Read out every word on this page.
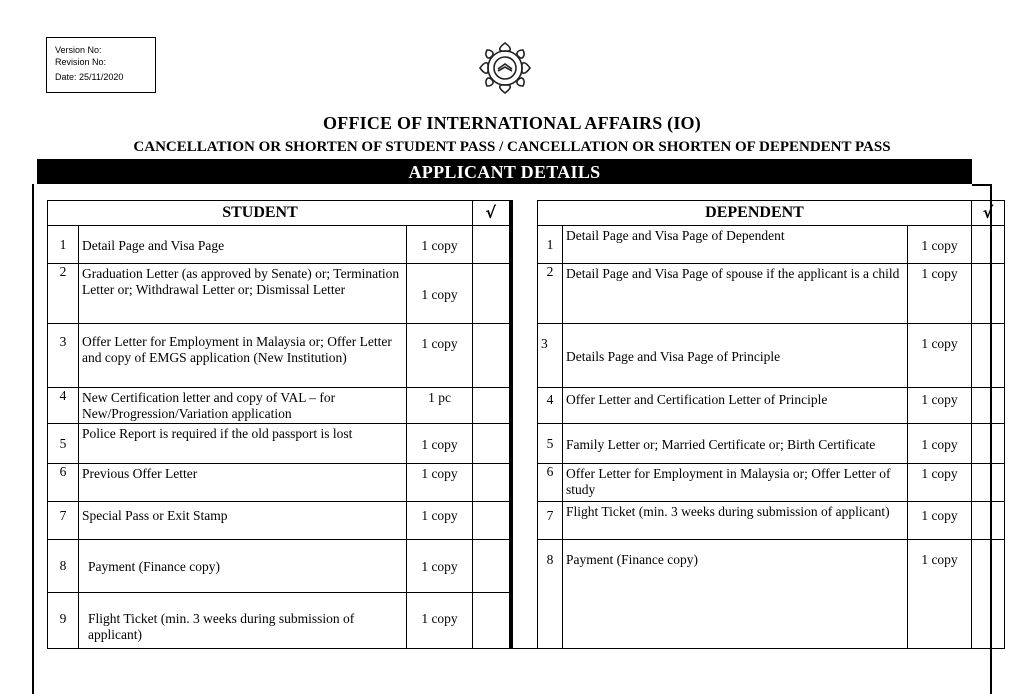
Version No:
Revision No:
Date: 25/11/2020
OFFICE OF INTERNATIONAL AFFAIRS (IO)
CANCELLATION OR SHORTEN OF STUDENT PASS / CANCELLATION OR SHORTEN OF DEPENDENT PASS
APPLICANT DETAILS
STUDENT			√		DEPENDENT			√
1	Detail Page and Visa Page	1 copy			1	Detail Page and Visa Page of Dependent	1 copy	
2	Graduation Letter (as approved by Senate) or; Termination Letter or; Withdrawal Letter or; Dismissal Letter	1 copy			2	Detail Page and Visa Page of spouse if the applicant is a child	1 copy	
3	Offer Letter for Employment in Malaysia or; Offer Letter and copy of EMGS application (New Institution)	1 copy			3	Details Page and Visa Page of Principle	1 copy	
4	New Certification letter and copy of VAL – for New/Progression/Variation application	1 pc			4	Offer Letter and Certification Letter of Principle	1 copy	
5	Police Report is required if the old passport is lost	1 copy			5	Family Letter or; Married Certificate or; Birth Certificate	1 copy	
6	Previous Offer Letter	1 copy			6	Offer Letter for Employment in Malaysia or; Offer Letter of study	1 copy	
7	Special Pass or Exit Stamp	1 copy			7	Flight Ticket (min. 3 weeks during submission of applicant)	1 copy	
8	Payment (Finance copy)	1 copy			8	Payment (Finance copy)	1 copy	
9	Flight Ticket (min. 3 weeks during submission of applicant)	1 copy						
